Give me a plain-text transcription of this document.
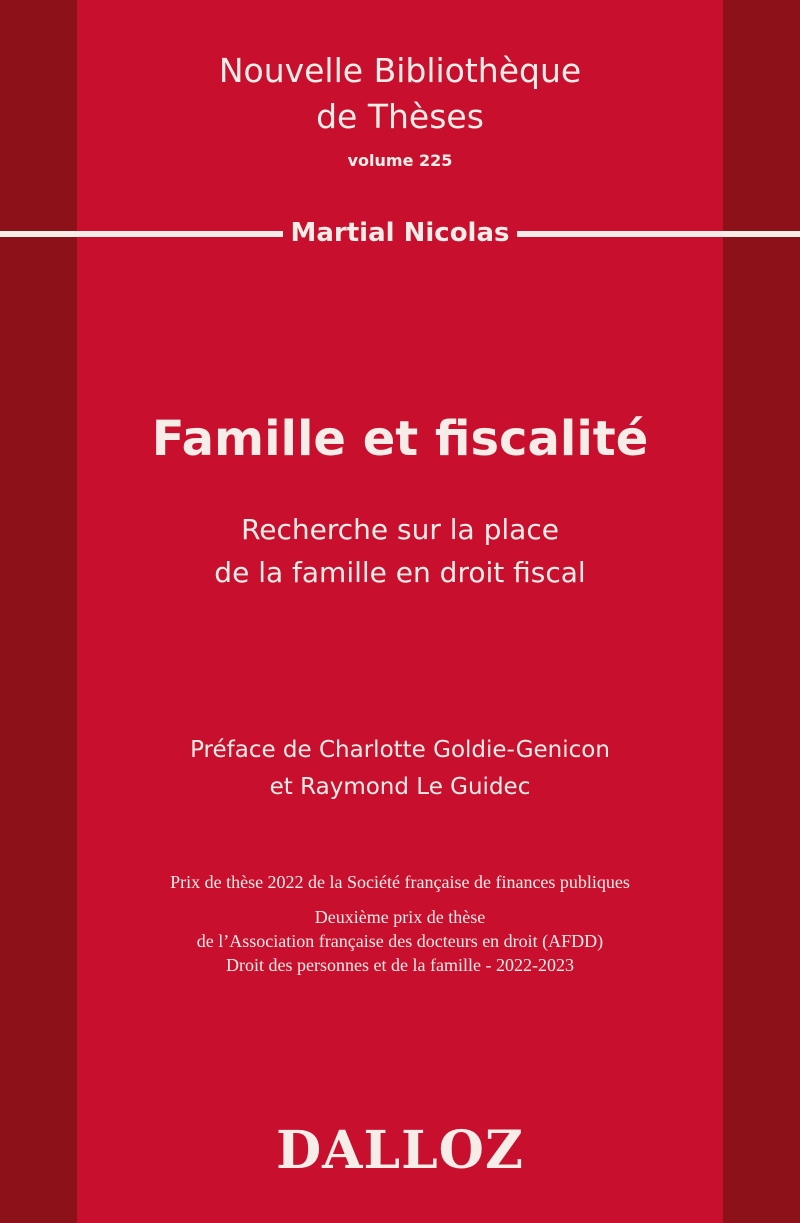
Nouvelle Bibliothèque
de Thèses
volume 225
Martial Nicolas
Famille et fiscalité
Recherche sur la place
de la famille en droit fiscal
Préface de Charlotte Goldie-Genicon
et Raymond Le Guidec
Prix de thèse 2022 de la Société française de finances publiques
Deuxième prix de thèse
de l’Association française des docteurs en droit (AFDD)
Droit des personnes et de la famille - 2022-2023
DALLOZ
